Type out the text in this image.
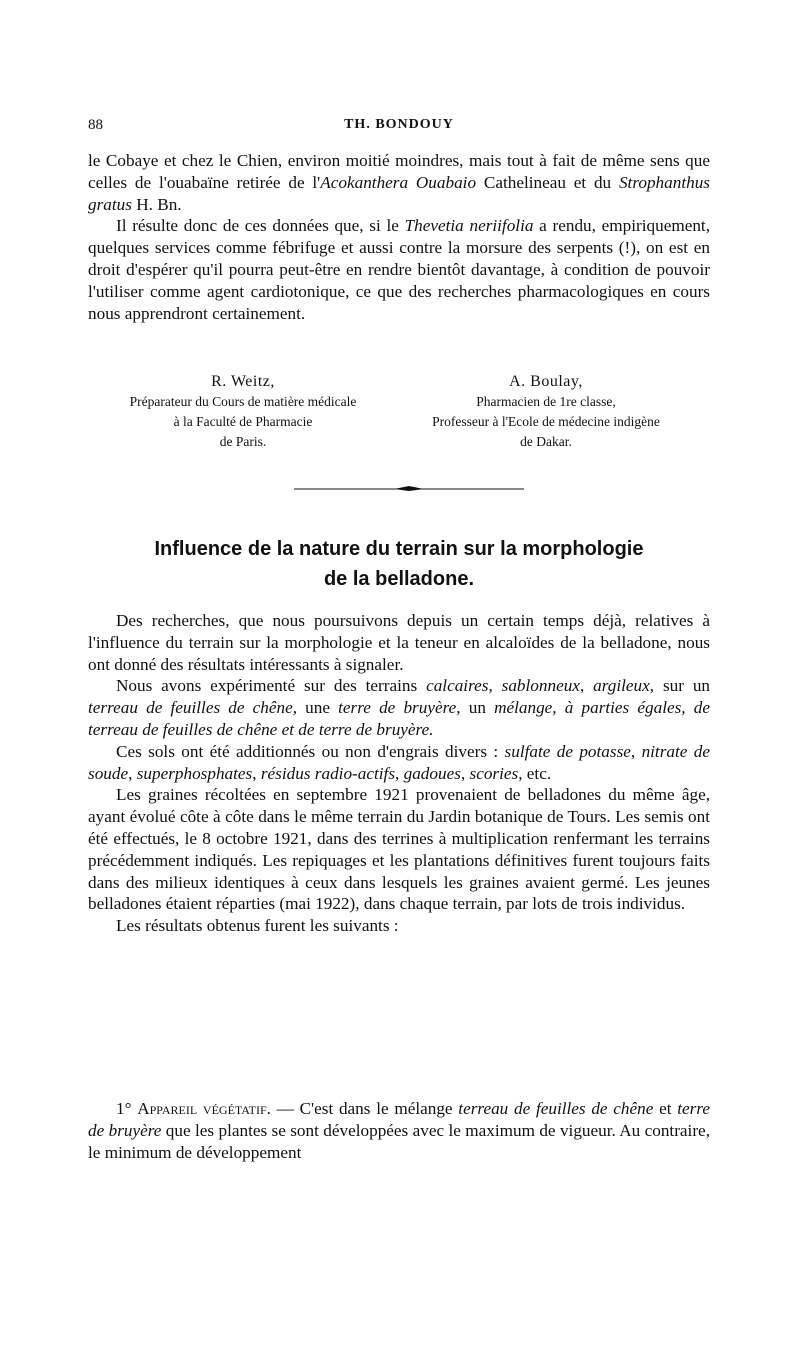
88	TH. BONDOUY

le Cobaye et chez le Chien, environ moitié moindres, mais tout à fait de même sens que celles de l'ouabaïne retirée de l'Acokanthera Ouabaio Cathelineau et du Strophanthus gratus H. Bn.

Il résulte donc de ces données que, si le Thevetia neriifolia a rendu, empiriquement, quelques services comme fébrifuge et aussi contre la morsure des serpents (!), on est en droit d'espérer qu'il pourra peut-être en rendre bientôt davantage, à condition de pouvoir l'utiliser comme agent cardiotonique, ce que des recherches pharmacologiques en cours nous apprendront certainement.

R. Weitz,
Préparateur du Cours de matière médicale
à la Faculté de Pharmacie
de Paris.
A. Boulay,
Pharmacien de 1re classe,
Professeur à l'Ecole de médecine indigène
de Dakar.
Influence de la nature du terrain sur la morphologie
de la belladone.

Des recherches, que nous poursuivons depuis un certain temps déjà, relatives à l'influence du terrain sur la morphologie et la teneur en alcaloïdes de la belladone, nous ont donné des résultats intéressants à signaler.

Nous avons expérimenté sur des terrains calcaires, sablonneux, argileux, sur un terreau de feuilles de chêne, une terre de bruyère, un mélange, à parties égales, de terreau de feuilles de chêne et de terre de bruyère.

Ces sols ont été additionnés ou non d'engrais divers : sulfate de potasse, nitrate de soude, superphosphates, résidus radio-actifs, gadoues, scories, etc.

Les graines récoltées en septembre 1921 provenaient de belladones du même âge, ayant évolué côte à côte dans le même terrain du Jardin botanique de Tours. Les semis ont été effectués, le 8 octobre 1921, dans des terrines à multiplication renfermant les terrains précédemment indiqués. Les repiquages et les plantations définitives furent toujours faits dans des milieux identiques à ceux dans lesquels les graines avaient germé. Les jeunes belladones étaient réparties (mai 1922), dans chaque terrain, par lots de trois individus.

Les résultats obtenus furent les suivants :

1° Appareil végétatif. — C'est dans le mélange terreau de feuilles de chêne et terre de bruyère que les plantes se sont développées avec le maximum de vigueur. Au contraire, le minimum de développement
